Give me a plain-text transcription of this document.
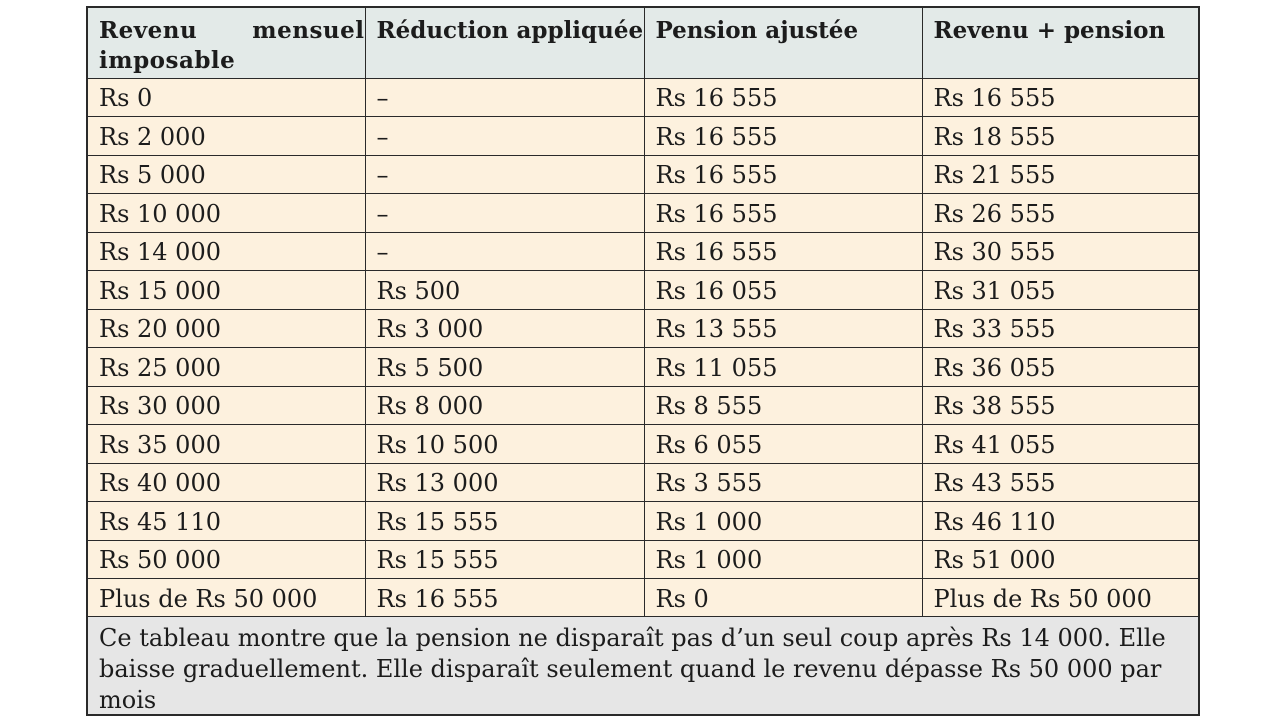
Revenu mensuel imposable	Réduction appliquée	Pension ajustée	Revenu + pension
Rs 0	–	Rs 16 555	Rs 16 555
Rs 2 000	–	Rs 16 555	Rs 18 555
Rs 5 000	–	Rs 16 555	Rs 21 555
Rs 10 000	–	Rs 16 555	Rs 26 555
Rs 14 000	–	Rs 16 555	Rs 30 555
Rs 15 000	Rs 500	Rs 16 055	Rs 31 055
Rs 20 000	Rs 3 000	Rs 13 555	Rs 33 555
Rs 25 000	Rs 5 500	Rs 11 055	Rs 36 055
Rs 30 000	Rs 8 000	Rs 8 555	Rs 38 555
Rs 35 000	Rs 10 500	Rs 6 055	Rs 41 055
Rs 40 000	Rs 13 000	Rs 3 555	Rs 43 555
Rs 45 110	Rs 15 555	Rs 1 000	Rs 46 110
Rs 50 000	Rs 15 555	Rs 1 000	Rs 51 000
Plus de Rs 50 000	Rs 16 555	Rs 0	Plus de Rs 50 000
Ce tableau montre que la pension ne disparaît pas d’un seul coup après Rs 14 000. Elle baisse graduellement. Elle disparaît seulement quand le revenu dépasse Rs 50 000 par mois
